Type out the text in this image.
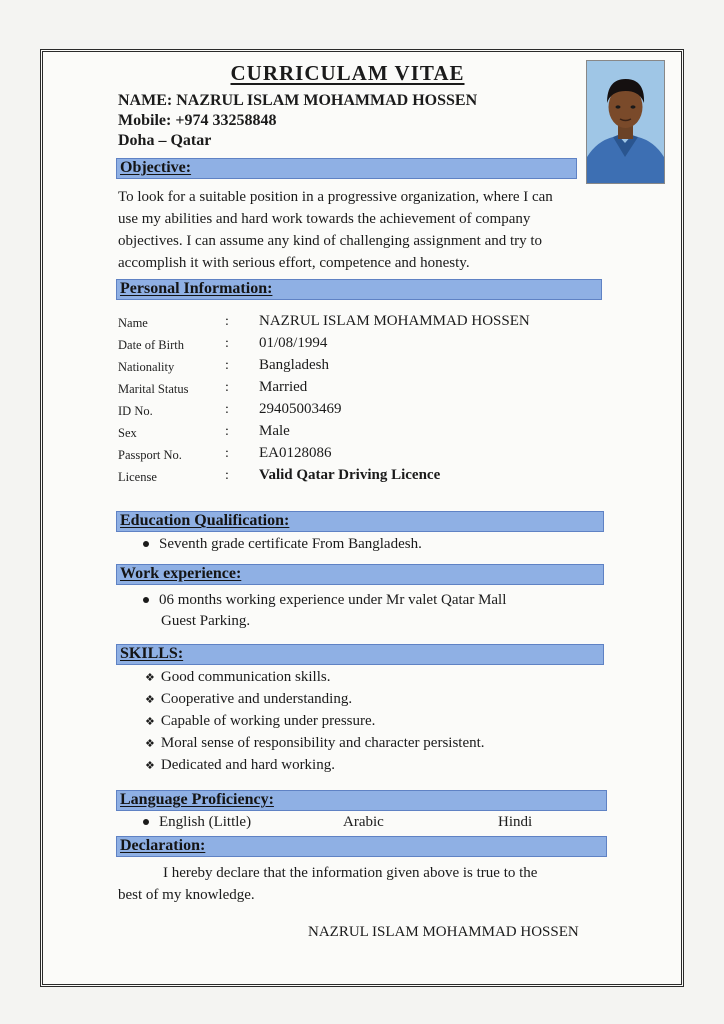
CURRICULAM VITAE
NAME: NAZRUL ISLAM MOHAMMAD HOSSEN
Mobile: +974 33258848
Doha – Qatar
Objective:
To look for a suitable position in a progressive organization, where I can
use my abilities and hard work towards the achievement of company
objectives. I can assume any kind of challenging assignment and try to
accomplish it with serious effort, competence and honesty.
Personal Information:
Name	: NAZRUL ISLAM MOHAMMAD HOSSEN
Date of Birth	: 01/08/1994
Nationality	: Bangladesh
Marital Status	: Married
ID No.	: 29405003469
Sex	: Male
Passport No.	: EA0128086
License	: Valid Qatar Driving Licence
Education Qualification:
Seventh grade certificate From Bangladesh.
Work experience:
06 months working experience under Mr valet Qatar Mall
Guest Parking.
SKILLS:
❖ Good communication skills.
❖ Cooperative and understanding.
❖ Capable of working under pressure.
❖ Moral sense of responsibility and character persistent.
❖ Dedicated and hard working.
Language Proficiency:
English (Little)	Arabic	Hindi
Declaration:
I hereby declare that the information given above is true to the
best of my knowledge.
NAZRUL ISLAM MOHAMMAD HOSSEN
